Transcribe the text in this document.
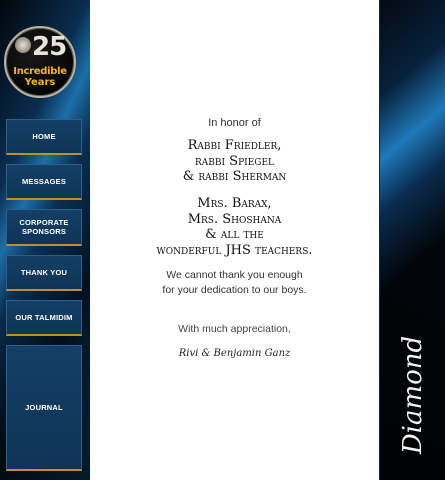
25
Incredible
Years
HOME
MESSAGES
CORPORATE SPONSORS
THANK YOU
OUR TALMIDIM
JOURNAL
In honor of
Rabbi Friedler,
rabbi Spiegel
& rabbi Sherman
Mrs. Barax,
Mrs. Shoshana
& all the
wonderful JHS teachers.
We cannot thank you enough
for your dedication to our boys.
With much appreciation,
Rivi & Benjamin Ganz	Diamond
